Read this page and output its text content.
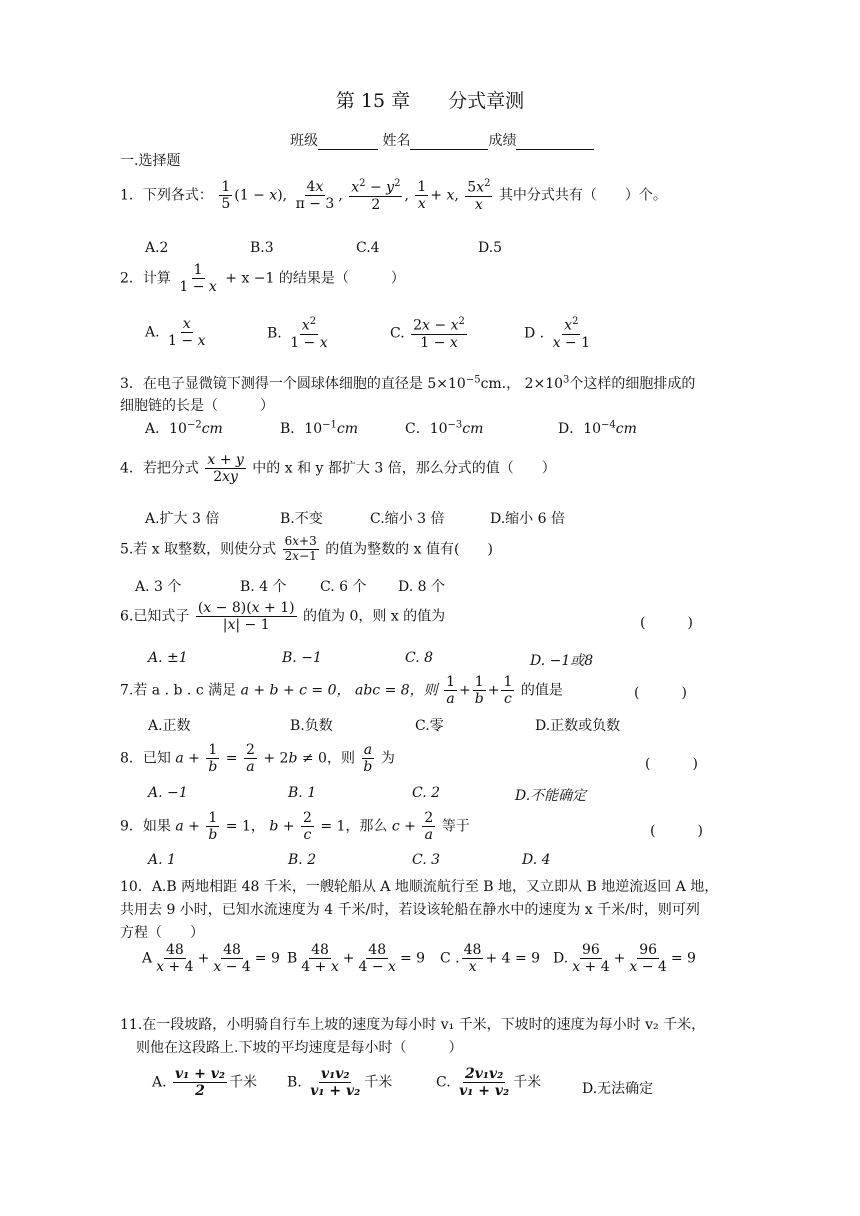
第 15 章　　分式章测
班级	姓名	成绩
一.选择题
1．下列各式： $\frac{1}{5} (1 - x)$, $\frac{4x}{\pi - 3}$ , $\frac{x^2 - y^2}{2}$ , $\frac{1}{x} + x$, $\frac{5x^2}{x}$ 其中分式共有（　　）个。
A.2	B.3	C.4	D.5
2．计算 $\frac{1}{1 - x} + x -1$ 的结果是（　　　）
A. $\frac{x}{1 - x}$	B. $\frac{x^2}{1 - x}$	C. $\frac{2x - x^2}{1 - x}$	D . $\frac{x^2}{x - 1}$
3．在电子显微镜下测得一个圆球体细胞的直径是 $5\times 10^{-5}cm$.， $2\times 10^3$个这样的细胞排成的
细胞链的长是（　　　）
A．$10^{-2}cm$	B．$10^{-1}cm$	C．$10^{-3}cm$	D．$10^{-4}cm$
4．若把分式 $\frac{x + y}{2xy}$ 中的 x 和 y 都扩大 3 倍，那么分式的值（　　）
A.扩大 3 倍	B.不变	C.缩小 3 倍	D.缩小 6 倍
5.若 x 取整数，则使分式 $\frac{6x+3}{2x-1}$ 的值为整数的 x 值有(　　)
A. 3 个	B. 4 个 C. 6 个 D. 8 个
6.已知式子 $\frac{(x - 8)(x + 1)}{|x| - 1}$ 的值为 0，则 x 的值为	(　　　)
A. ±1	B. −1	C. 8	D. −1或8
7.若 a . b . c 满足 a + b + c = 0， abc = 8，则 $\frac{1}{a} + \frac{1}{b} + \frac{1}{c}$ 的值是	(　　　)
A.正数	B.负数	C.零	D.正数或负数
8．已知 $a + \frac{1}{b} = \frac{2}{a} + 2b \ne 0$，则 $\frac{a}{b}$ 为	(　　　)
A. −1	B. 1	C. 2	D.不能确定
9．如果 $a + \frac{1}{b} = 1$， $b + \frac{2}{c} = 1$，那么 $c + \frac{2}{a}$ 等于	(　　　)
A. 1	B. 2	C. 3	D. 4
10．A.B 两地相距 48 千米，一艘轮船从 A 地顺流航行至 B 地，又立即从 B 地逆流返回 A 地，
共用去 9 小时，已知水流速度为 4 千米/时，若设该轮船在静水中的速度为 x 千米/时，则可列
方程（　　）
A $\frac{48}{x + 4} + \frac{48}{x - 4} = 9$ B $\frac{48}{4 + x} + \frac{48}{4 - x} = 9$ C . $\frac{48}{x} + 4 = 9$ D. $\frac{96}{x + 4} + \frac{96}{x - 4} = 9$
11.在一段坡路，小明骑自行车上坡的速度为每小时 v₁ 千米，下坡时的速度为每小时 v₂ 千米，
则他在这段路上.下坡的平均速度是每小时（　　　）
A. $\frac{\text{v₁ + v₂}}{2}$ 千米 B. $\frac{\text{v₁v₂}}{\text{v₁ + v₂}}$ 千米	C. $\frac{\text{2v₁v₂}}{\text{v₁ + v₂}}$ 千米	D.无法确定
